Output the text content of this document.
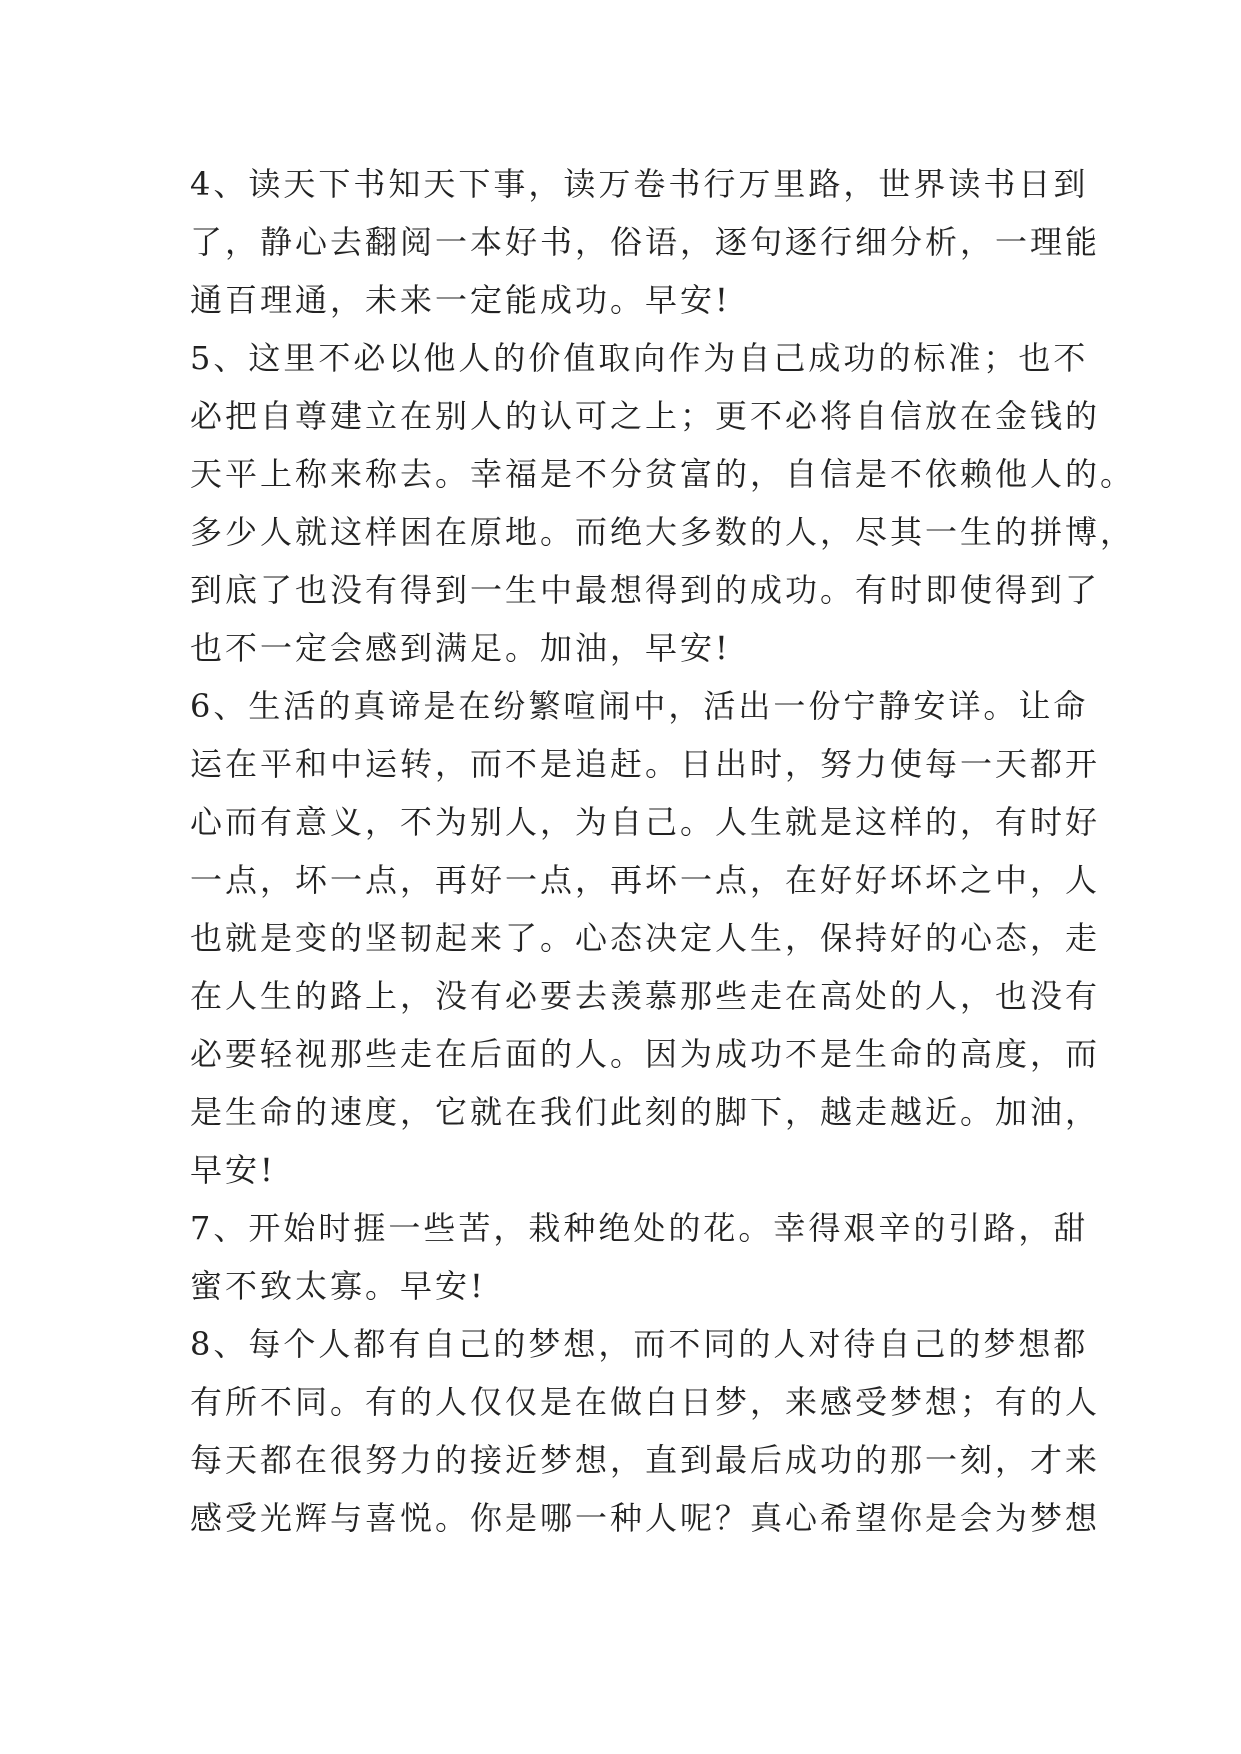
4、读天下书知天下事，读万卷书行万里路，世界读书日到
了，静心去翻阅一本好书，俗语，逐句逐行细分析，一理能
通百理通，未来一定能成功。早安!
5、这里不必以他人的价值取向作为自己成功的标准；也不
必把自尊建立在别人的认可之上；更不必将自信放在金钱的
天平上称来称去。幸福是不分贫富的，自信是不依赖他人的。
多少人就这样困在原地。而绝大多数的人，尽其一生的拼博，
到底了也没有得到一生中最想得到的成功。有时即使得到了
也不一定会感到满足。加油，早安!
6、生活的真谛是在纷繁喧闹中，活出一份宁静安详。让命
运在平和中运转，而不是追赶。日出时，努力使每一天都开
心而有意义，不为别人，为自己。人生就是这样的，有时好
一点，坏一点，再好一点，再坏一点，在好好坏坏之中，人
也就是变的坚韧起来了。心态决定人生，保持好的心态，走
在人生的路上，没有必要去羡慕那些走在高处的人，也没有
必要轻视那些走在后面的人。因为成功不是生命的高度，而
是生命的速度，它就在我们此刻的脚下，越走越近。加油，
早安!
7、开始时捱一些苦，栽种绝处的花。幸得艰辛的引路，甜
蜜不致太寡。早安!
8、每个人都有自己的梦想，而不同的人对待自己的梦想都
有所不同。有的人仅仅是在做白日梦，来感受梦想；有的人
每天都在很努力的接近梦想，直到最后成功的那一刻，才来
感受光辉与喜悦。你是哪一种人呢？真心希望你是会为梦想
